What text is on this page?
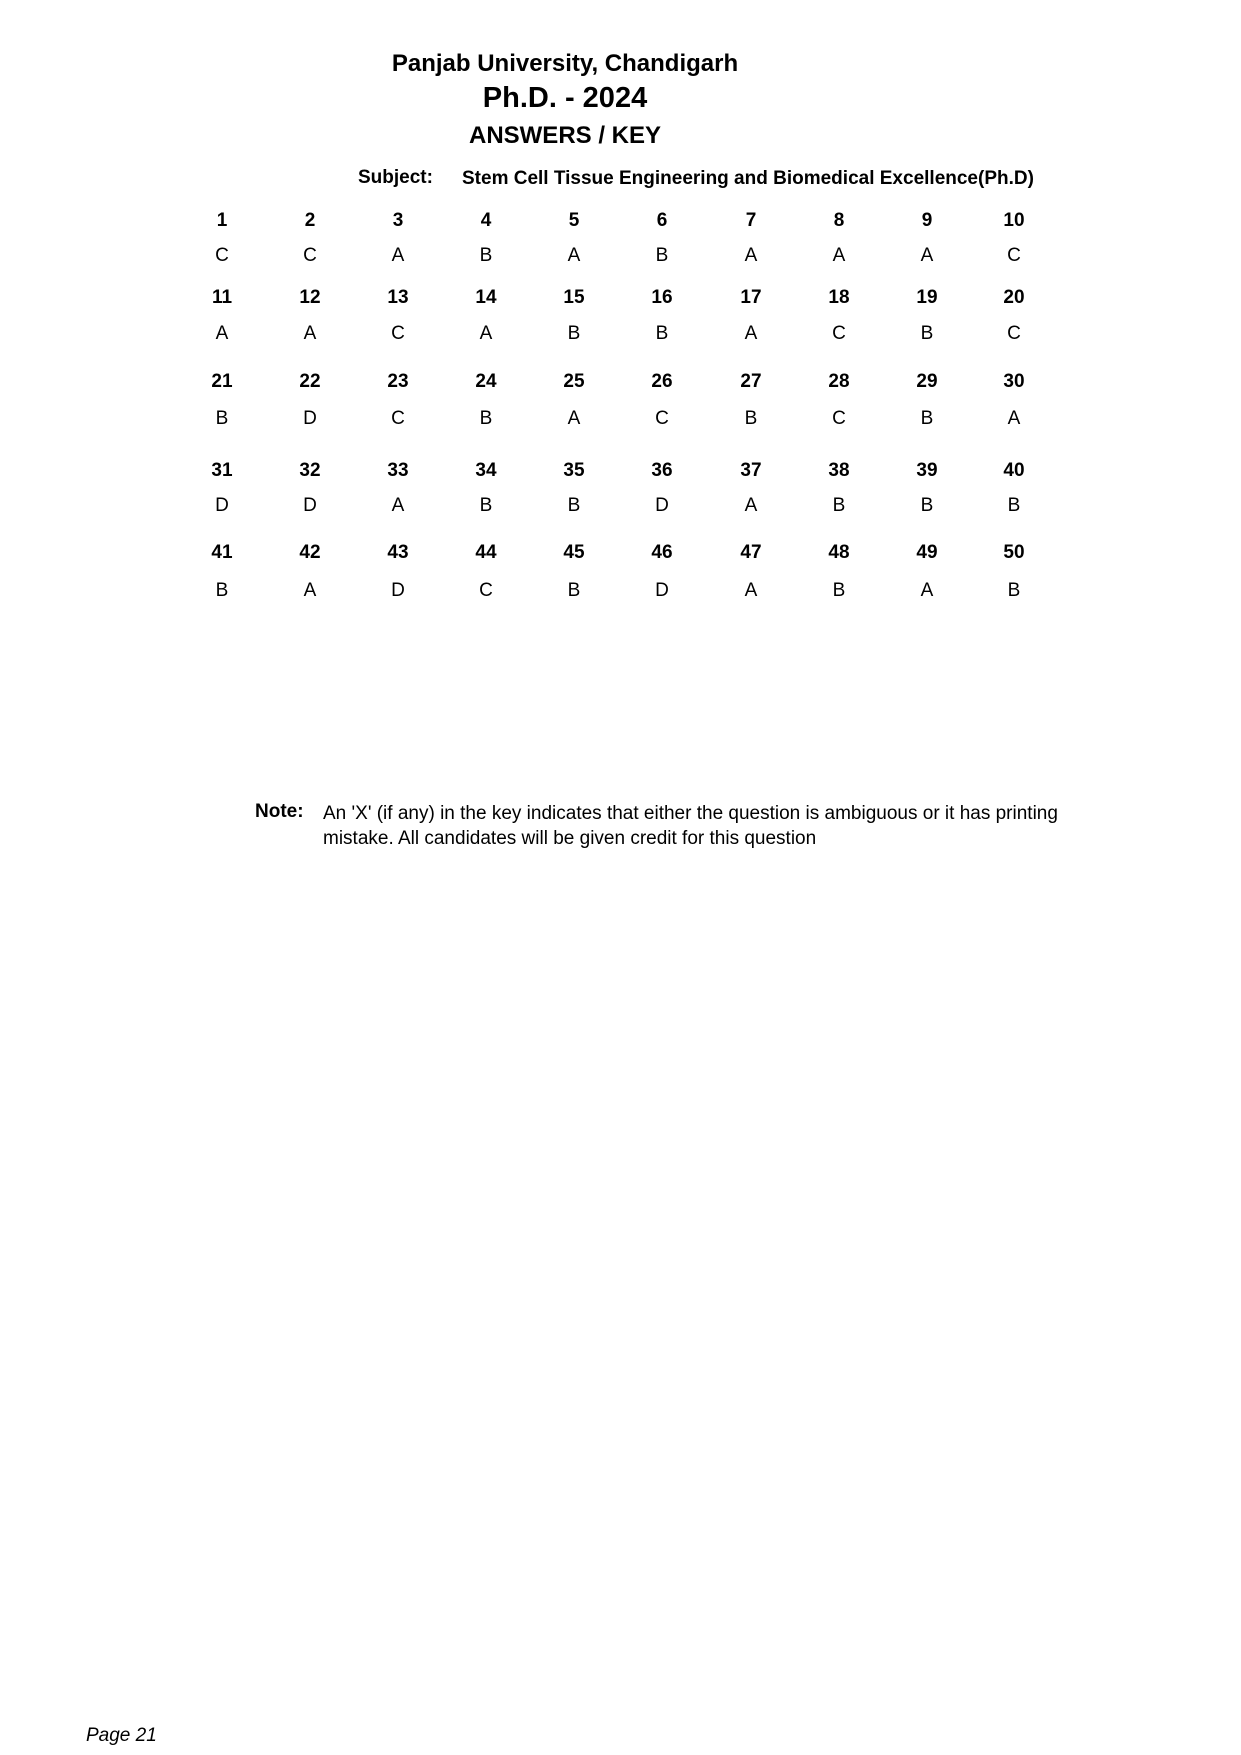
Panjab University, Chandigarh
Ph.D. - 2024
ANSWERS / KEY
Subject: Stem Cell Tissue Engineering and Biomedical Excellence(Ph.D)
1
C
2
C
3
A
4
B
5
A
6
B
7
A
8
A
9
A
10
C
11
A
12
A
13
C
14
A
15
B
16
B
17
A
18
C
19
B
20
C
21
B
22
D
23
C
24
B
25
A
26
C
27
B
28
C
29
B
30
A
31
D
32
D
33
A
34
B
35
B
36
D
37
A
38
B
39
B
40
B
41
B
42
A
43
D
44
C
45
B
46
D
47
A
48
B
49
A
50
B
Note: An 'X' (if any) in the key indicates that either the question is ambiguous or it has printing mistake. All candidates will be given credit for this question
Page 21
